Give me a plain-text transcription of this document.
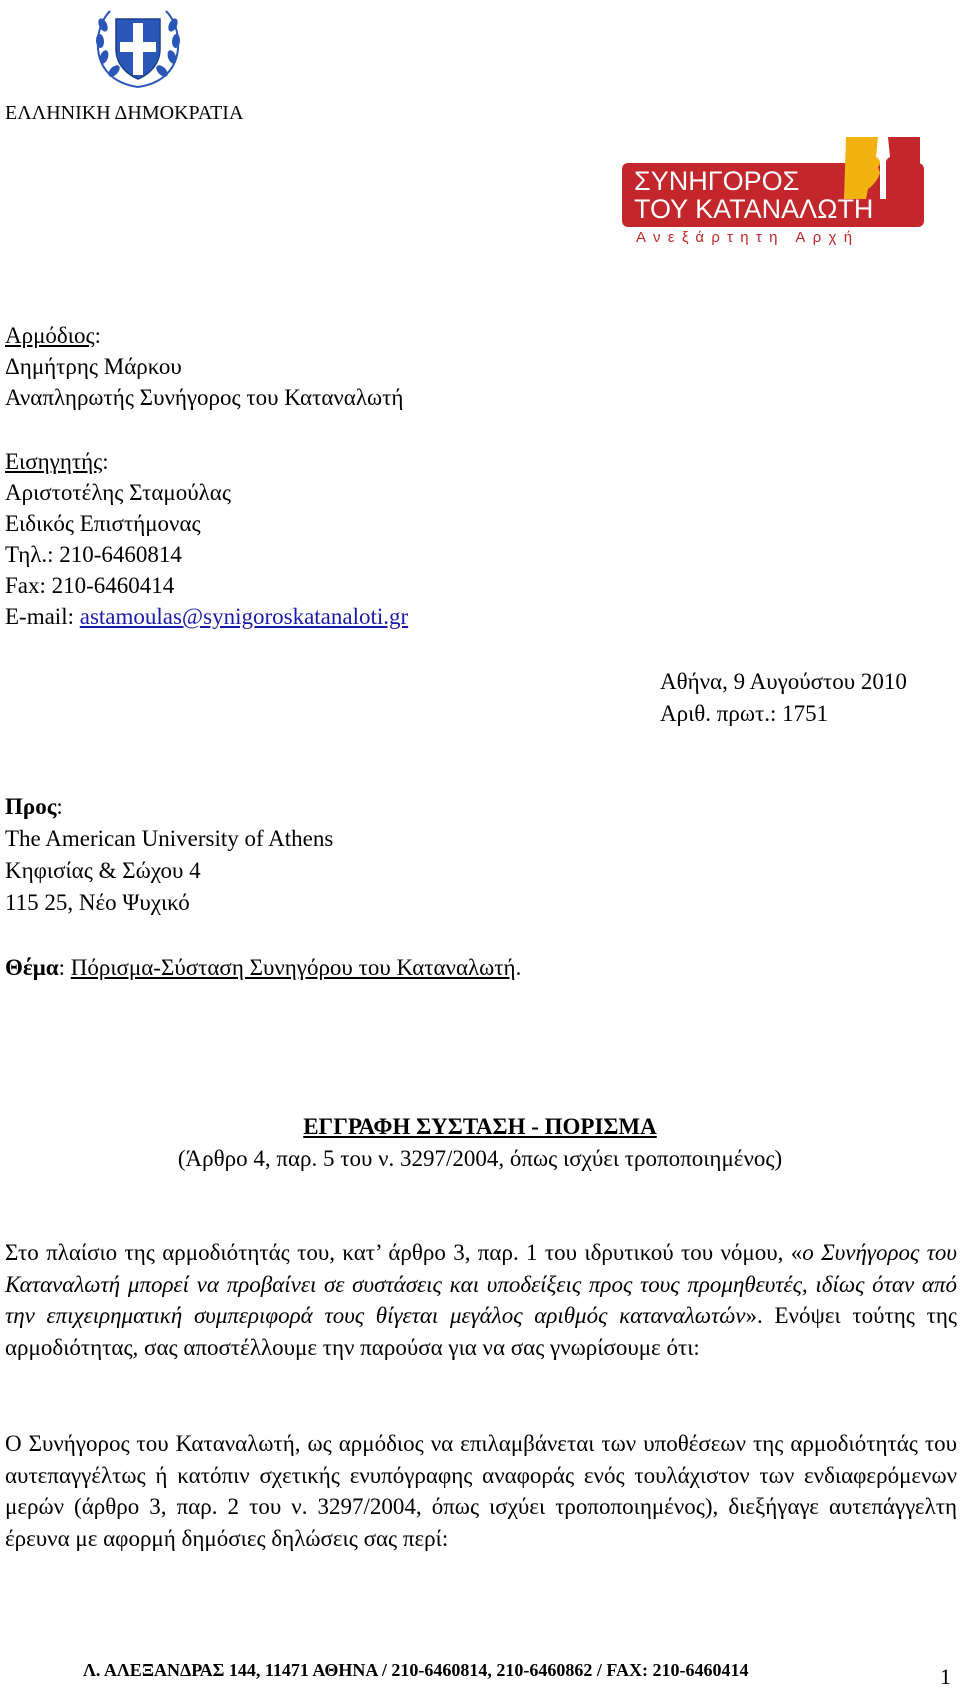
ΕΛΛΗΝΙΚΗ ΔΗΜΟΚΡΑΤΙΑ
ΣΥΝΗΓΟΡΟΣ
ΤΟΥ ΚΑΤΑΝΑΛΩΤΗ
Ανεξάρτητη Αρχή
Αρμόδιος:
Δημήτρης Μάρκου
Αναπληρωτής Συνήγορος του Καταναλωτή
Εισηγητής:
Αριστοτέλης Σταμούλας
Ειδικός Επιστήμονας
Τηλ.: 210-6460814
Fax: 210-6460414
E-mail: astamoulas@synigoroskatanaloti.gr
Αθήνα, 9 Αυγούστου 2010
Αριθ. πρωτ.: 1751
Προς:
The American University of Athens
Κηφισίας & Σώχου 4
115 25, Νέο Ψυχικό
Θέμα: Πόρισμα-Σύσταση Συνηγόρου του Καταναλωτή.
ΕΓΓΡΑΦΗ ΣΥΣΤΑΣΗ - ΠΟΡΙΣΜΑ
(Άρθρο 4, παρ. 5 του ν. 3297/2004, όπως ισχύει τροποποιημένος)
Στο πλαίσιο της αρμοδιότητάς του, κατ’ άρθρο 3, παρ. 1 του ιδρυτικού του νόμου, «ο Συνήγορος του Καταναλωτή μπορεί να προβαίνει σε συστάσεις και υποδείξεις προς τους προμηθευτές, ιδίως όταν από την επιχειρηματική συμπεριφορά τους θίγεται μεγάλος αριθμός καταναλωτών». Ενόψει τούτης της αρμοδιότητας, σας αποστέλλουμε την παρούσα για να σας γνωρίσουμε ότι:
Ο Συνήγορος του Καταναλωτή, ως αρμόδιος να επιλαμβάνεται των υποθέσεων της αρμοδιότητάς του αυτεπαγγέλτως ή κατόπιν σχετικής ενυπόγραφης αναφοράς ενός τουλάχιστον των ενδιαφερόμενων μερών (άρθρο 3, παρ. 2 του ν. 3297/2004, όπως ισχύει τροποποιημένος), διεξήγαγε αυτεπάγγελτη έρευνα με αφορμή δημόσιες δηλώσεις σας περί:
Λ. ΑΛΕΞΑΝΔΡΑΣ 144, 11471 ΑΘΗΝΑ / 210-6460814, 210-6460862 / FAX: 210-6460414	1
